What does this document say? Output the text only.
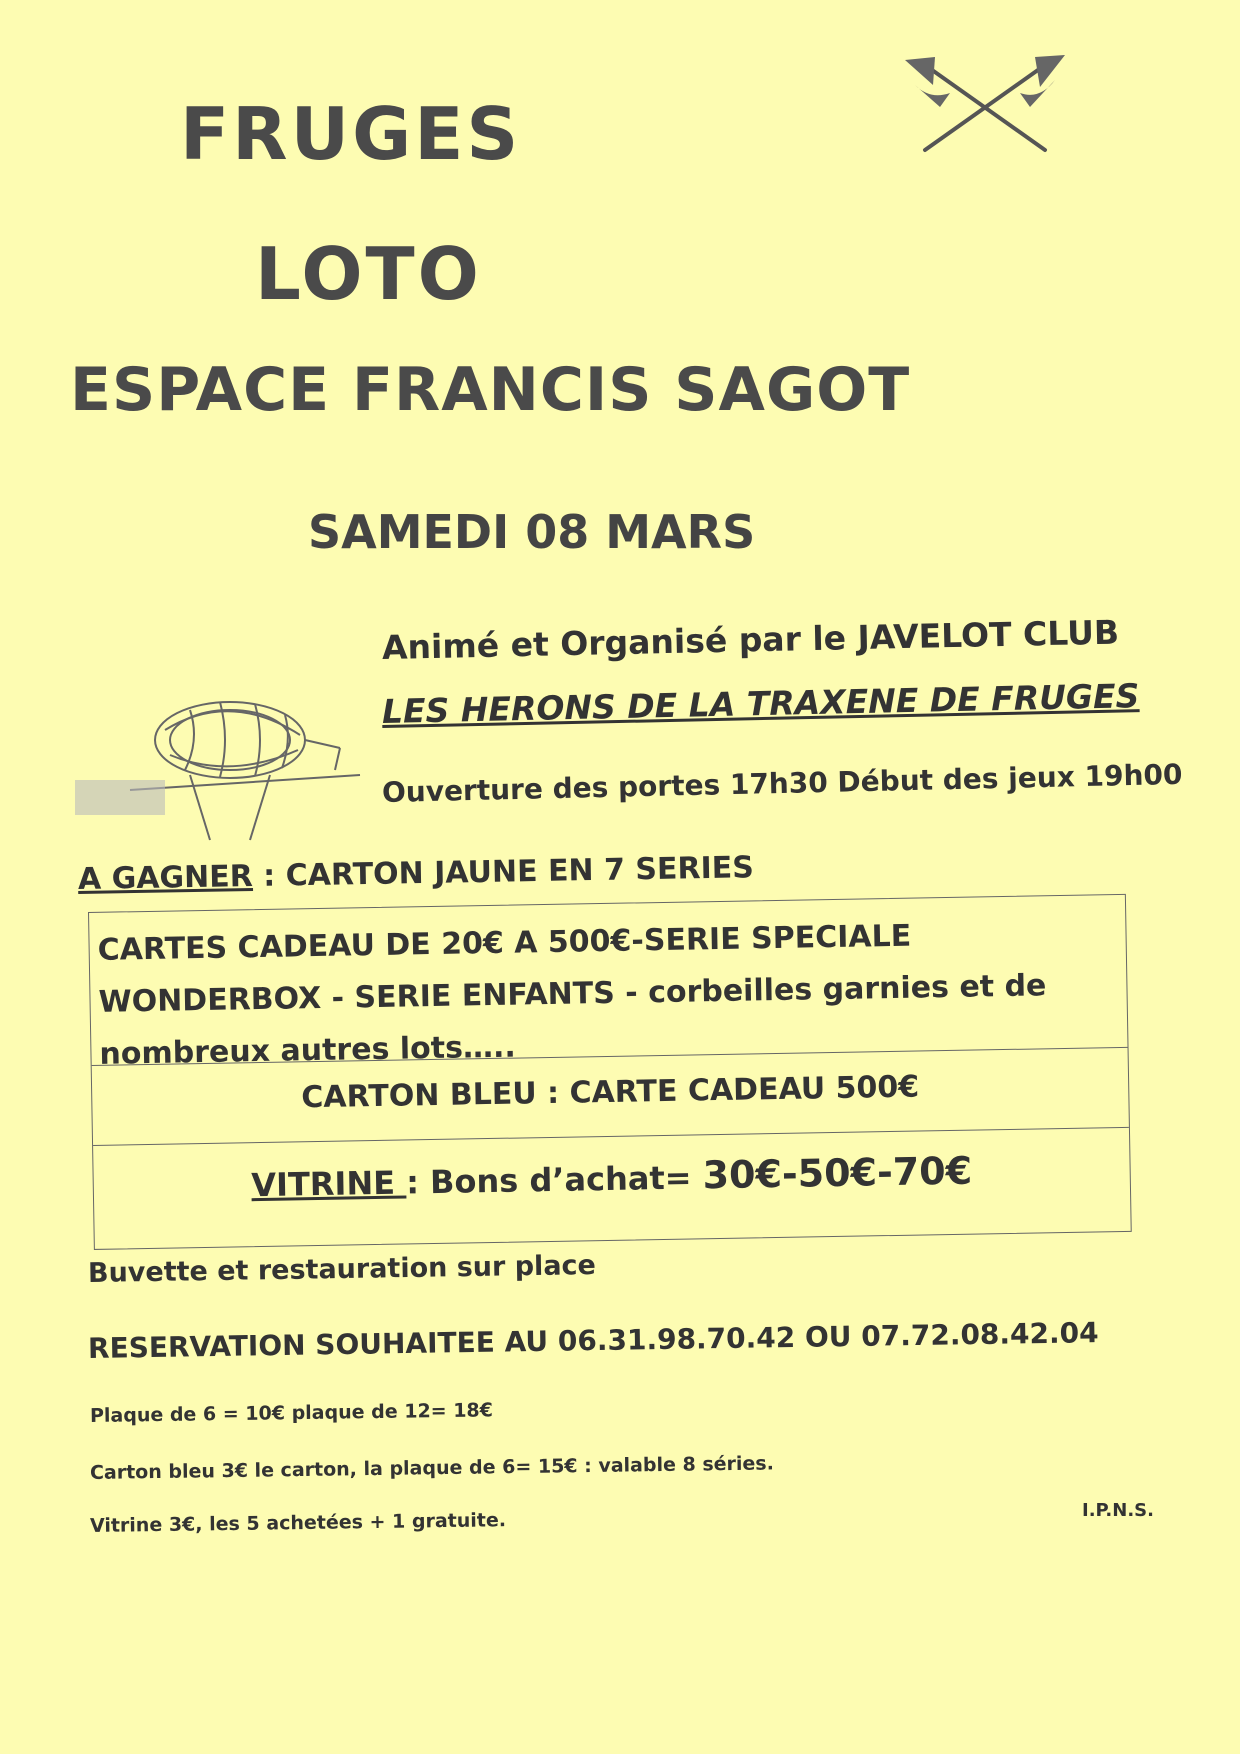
FRUGES
LOTO
ESPACE FRANCIS SAGOT
SAMEDI 08 MARS
Animé et Organisé par le JAVELOT CLUB
LES HERONS DE LA TRAXENE DE FRUGES
Ouverture des portes 17h30 Début des jeux 19h00
A GAGNER : CARTON JAUNE EN 7 SERIES
CARTES CADEAU DE 20€ A 500€-SERIE SPECIALE WONDERBOX - SERIE ENFANTS - corbeilles garnies et de nombreux autres lots…..
CARTON BLEU : CARTE CADEAU 500€
VITRINE : Bons d’achat= 30€-50€-70€
Buvette et restauration sur place
RESERVATION SOUHAITEE AU 06.31.98.70.42 OU 07.72.08.42.04
Plaque de 6 = 10€ plaque de 12= 18€
Carton bleu 3€ le carton, la plaque de 6= 15€ : valable 8 séries.
Vitrine 3€, les 5 achetées + 1 gratuite.	I.P.N.S.
